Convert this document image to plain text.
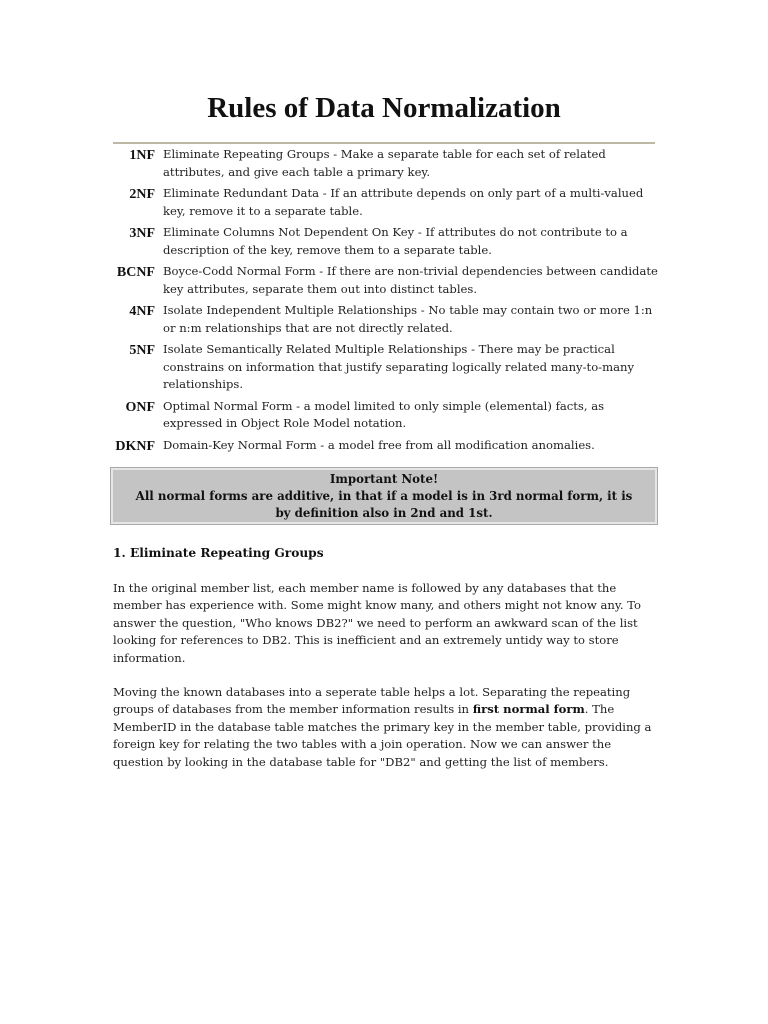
Rules of Data Normalization
1NF Eliminate Repeating Groups - Make a separate table for each set of related attributes, and give each table a primary key.
2NF Eliminate Redundant Data - If an attribute depends on only part of a multi-valued key, remove it to a separate table.
3NF Eliminate Columns Not Dependent On Key - If attributes do not contribute to a description of the key, remove them to a separate table.
BCNF Boyce-Codd Normal Form - If there are non-trivial dependencies between candidate key attributes, separate them out into distinct tables.
4NF Isolate Independent Multiple Relationships - No table may contain two or more 1:n or n:m relationships that are not directly related.
5NF Isolate Semantically Related Multiple Relationships - There may be practical constrains on information that justify separating logically related many-to-many relationships.
ONF Optimal Normal Form - a model limited to only simple (elemental) facts, as expressed in Object Role Model notation.
DKNF Domain-Key Normal Form - a model free from all modification anomalies.
Important Note!
All normal forms are additive, in that if a model is in 3rd normal form, it is by definition also in 2nd and 1st.
1. Eliminate Repeating Groups

In the original member list, each member name is followed by any databases that the member has experience with. Some might know many, and others might not know any. To answer the question, "Who knows DB2?" we need to perform an awkward scan of the list looking for references to DB2. This is inefficient and an extremely untidy way to store information.

Moving the known databases into a seperate table helps a lot. Separating the repeating groups of databases from the member information results in first normal form. The MemberID in the database table matches the primary key in the member table, providing a foreign key for relating the two tables with a join operation. Now we can answer the question by looking in the database table for "DB2" and getting the list of members.
